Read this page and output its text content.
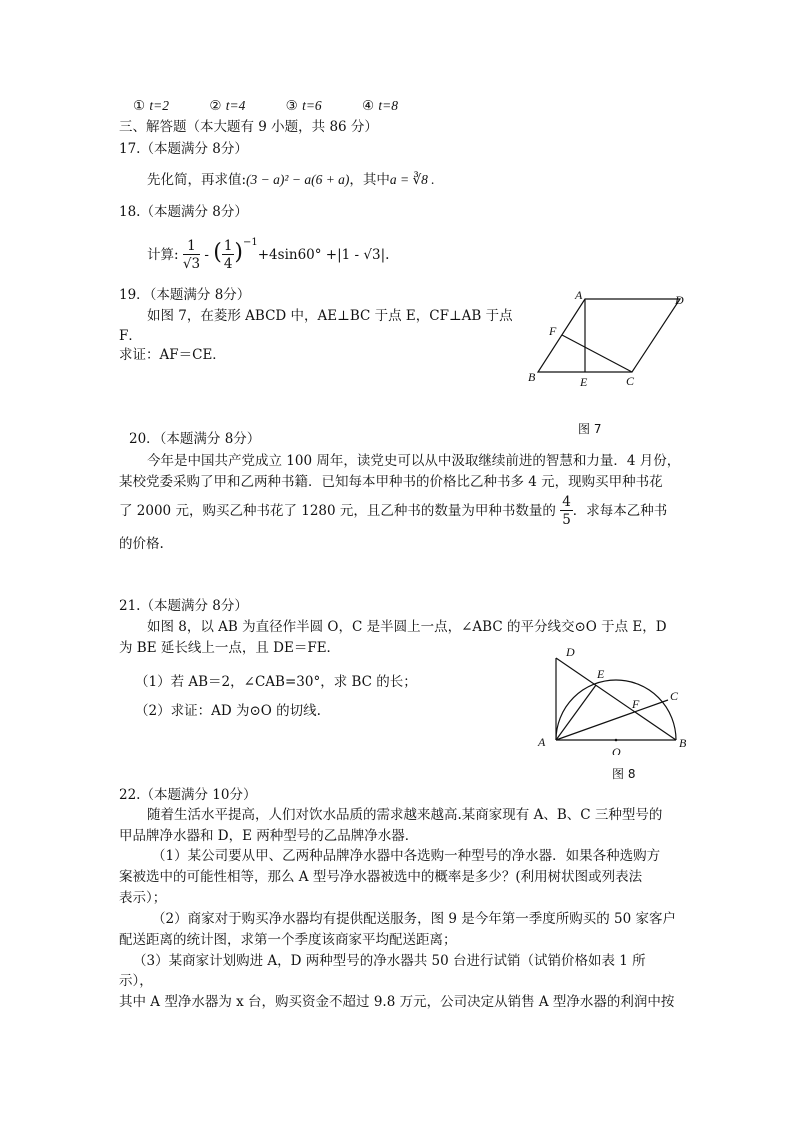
① t=2	② t=4	③ t=6	④ t=8
三、解答题（本大题有 9 小题，共 86 分）
17.（本题满分 8分）
先化简，再求值:(3 − a)² − a(6 + a)，其中a = ∛8 .
18.（本题满分 8分）
计算: $\frac{1}{√3}$ - ( $\frac{1}{4} )^{-1}+4\sin 60^\circ +|1 - √3|$.
19．（本题满分 8分）
如图 7，在菱形 ABCD 中，AE⊥BC 于点 E，CF⊥AB 于点
F．
求证：AF＝CE．
A	D
F
B	E	C
图 7
20．（本题满分 8分）
今年是中国共产党成立 100 周年，读党史可以从中汲取继续前进的智慧和力量．4 月份，
某校党委采购了甲和乙两种书籍．已知每本甲种书的价格比乙种书多 4 元，现购买甲种书花
了 2000 元，购买乙种书花了 1280 元，且乙种书的数量为甲种书数量的 $\frac{4}{5}$ ．求每本乙种书
的价格.
21.（本题满分 8分）
如图 8，以 AB 为直径作半圆 O，C 是半圆上一点，∠ABC 的平分线交⊙O 于点 E，D
为 BE 延长线上一点，且 DE＝FE．
（1）若 AB＝2，∠CAB=30°，求 BC 的长；
（2）求证：AD 为⊙O 的切线.
D
E
C
F
A
O
B
图 8
22.（本题满分 10分）
随着生活水平提高，人们对饮水品质的需求越来越高.某商家现有 A、B、C 三种型号的
甲品牌净水器和 D，E 两种型号的乙品牌净水器．
（1）某公司要从甲、乙两种品牌净水器中各选购一种型号的净水器．如果各种选购方
案被选中的可能性相等，那么 A 型号净水器被选中的概率是多少？(利用树状图或列表法
表示）；
（2）商家对于购买净水器均有提供配送服务，图 9 是今年第一季度所购买的 50 家客户
配送距离的统计图，求第一个季度该商家平均配送距离；
（3）某商家计划购进 A，D 两种型号的净水器共 50 台进行试销（试销价格如表 1 所
示），
其中 A 型净水器为 x 台，购买资金不超过 9.8 万元，公司决定从销售 A 型净水器的利润中按
